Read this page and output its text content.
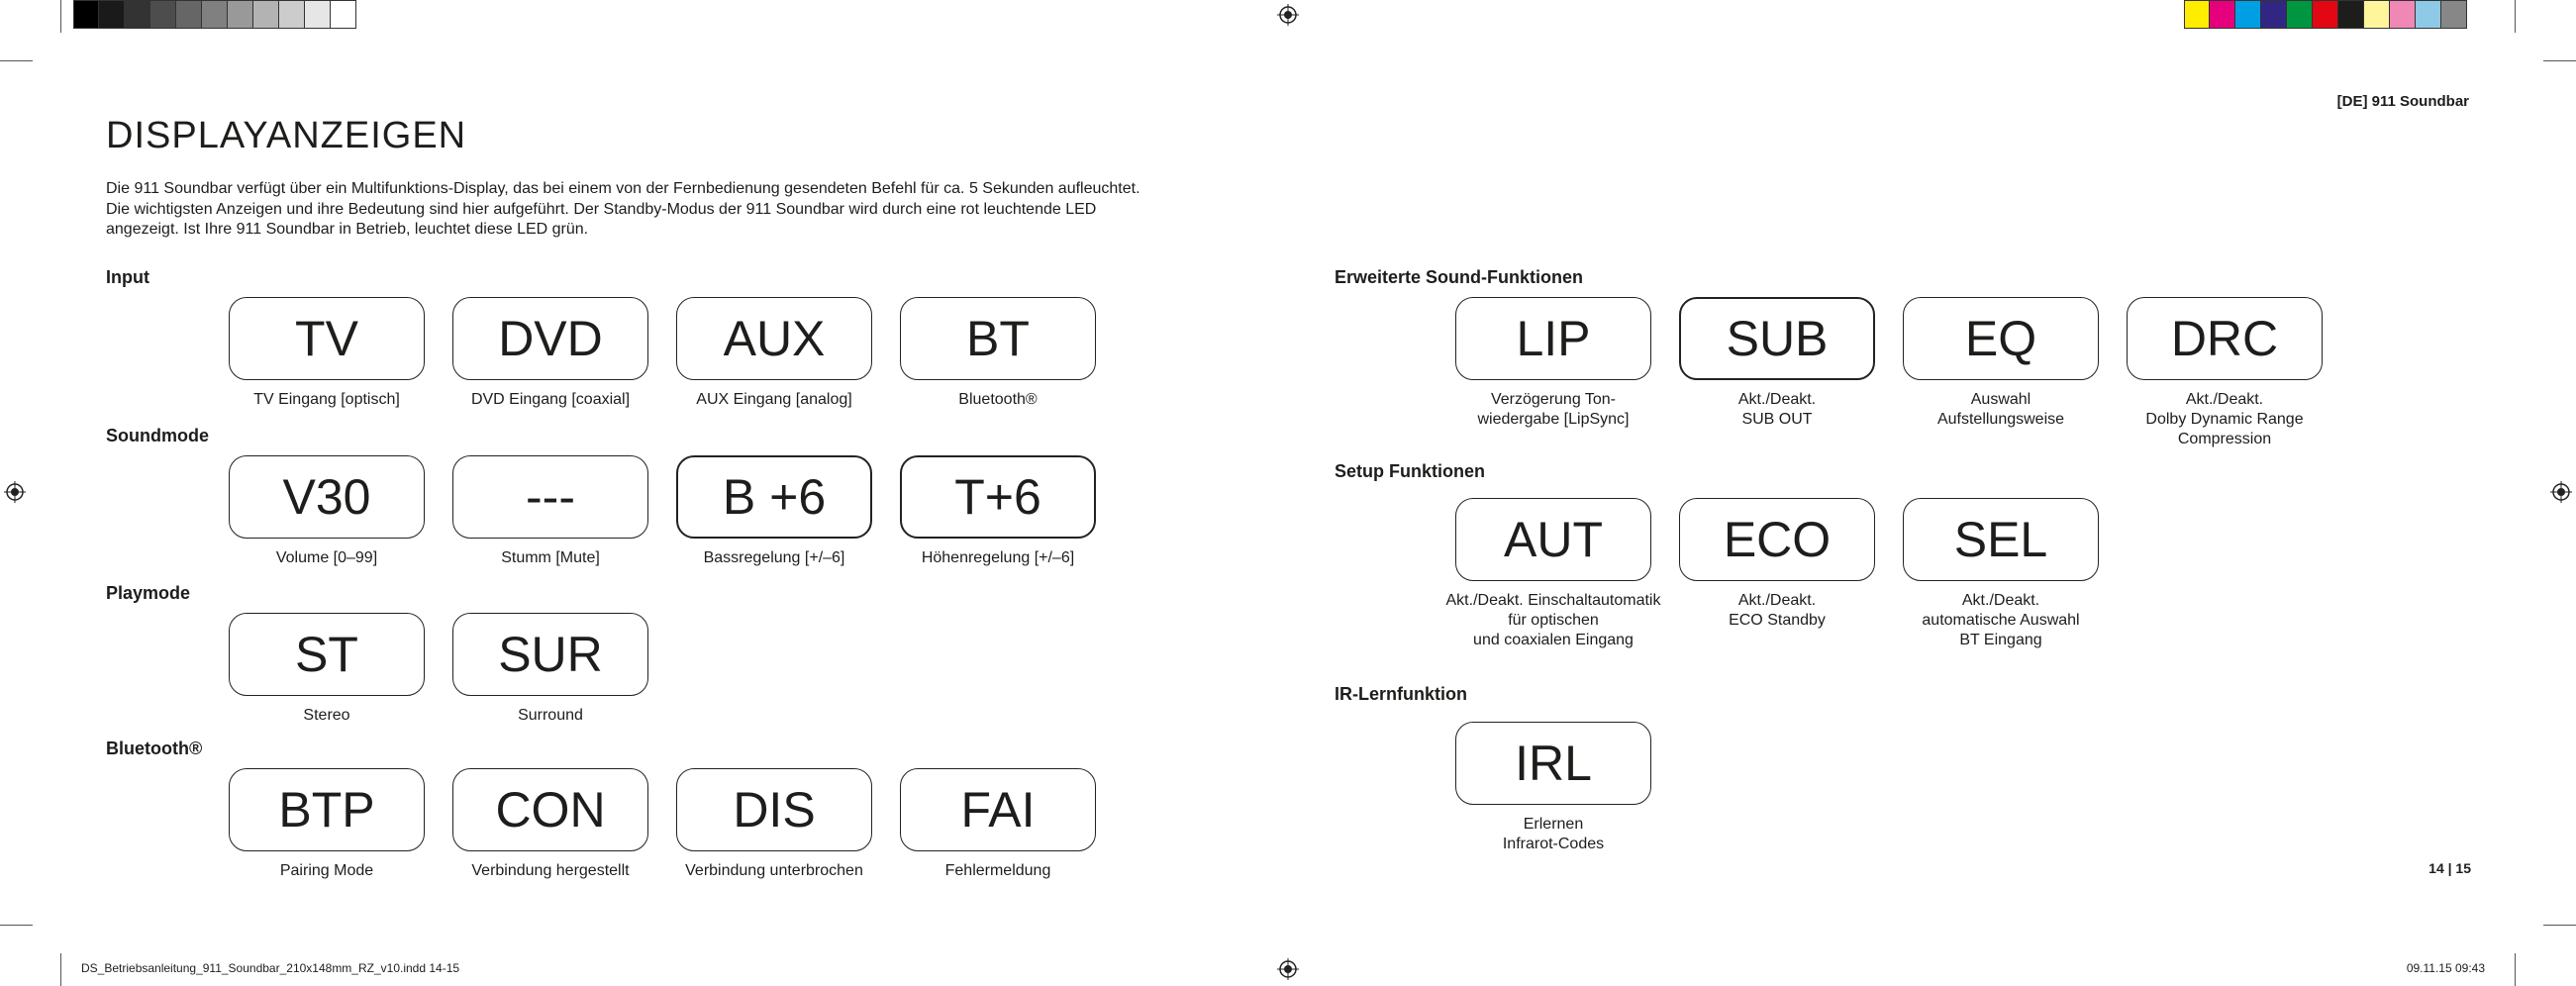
[DE] 911 Soundbar
DISPLAYANZEIGEN
Die 911 Soundbar verfügt über ein Multifunktions-Display, das bei einem von der Fernbedienung gesendeten Befehl für ca. 5 Sekunden aufleuchtet.
Die wichtigsten Anzeigen und ihre Bedeutung sind hier aufgeführt. Der Standby-Modus der 911 Soundbar wird durch eine rot leuchtende LED
angezeigt. Ist Ihre 911 Soundbar in Betrieb, leuchtet diese LED grün.
Input
TV
TV Eingang [optisch]
DVD
DVD Eingang [coaxial]
AUX
AUX Eingang [analog]
BT
Bluetooth®
Soundmode
V30
Volume [0–99]
---
Stumm [Mute]
B +6
Bassregelung [+/–6]
T+6
Höhenregelung [+/–6]
Playmode
ST
Stereo
SUR
Surround
Bluetooth®
BTP
Pairing Mode
CON
Verbindung hergestellt
DIS
Verbindung unterbrochen
FAI
Fehlermeldung
Erweiterte Sound-Funktionen
LIP
Verzögerung Ton-
wiedergabe [LipSync]
SUB
Akt./Deakt.
SUB OUT
EQ
Auswahl
Aufstellungsweise
DRC
Akt./Deakt.
Dolby Dynamic Range
Compression
Setup Funktionen
AUT
Akt./Deakt. Einschaltautomatik
für optischen
und coaxialen Eingang
ECO
Akt./Deakt.
ECO Standby
SEL
Akt./Deakt.
automatische Auswahl
BT Eingang
IR-Lernfunktion
IRL
Erlernen
Infrarot-Codes
14 | 15
DS_Betriebsanleitung_911_Soundbar_210x148mm_RZ_v10.indd 14-15	09.11.15 09:43
